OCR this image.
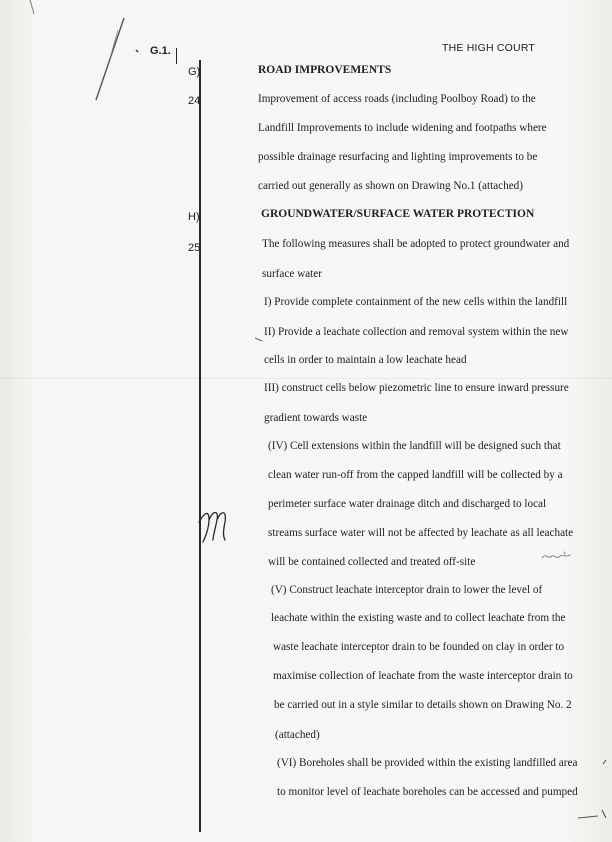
THE HIGH COURT
G.1.
G)
24
H)
25
ROAD IMPROVEMENTS
Improvement of access roads (including Poolboy Road) to the
Landfill Improvements to include widening and footpaths where
possible drainage resurfacing and lighting improvements to be
carried out generally as shown on Drawing No.1 (attached)
GROUNDWATER/SURFACE WATER PROTECTION
The following measures shall be adopted to protect groundwater and
surface water
I) Provide complete containment of the new cells within the landfill
II) Provide a leachate collection and removal system within the new
cells in order to maintain a low leachate head
III) construct cells below piezometric line to ensure inward pressure
gradient towards waste
(IV) Cell extensions within the landfill will be designed such that
clean water run-off from the capped landfill will be collected by a
perimeter surface water drainage ditch and discharged to local
streams surface water will not be affected by leachate as all leachate
will be contained collected and treated off-site
(V) Construct leachate interceptor drain to lower the level of
leachate within the existing waste and to collect leachate from the
waste leachate interceptor drain to be founded on clay in order to
maximise collection of leachate from the waste interceptor drain to
be carried out in a style similar to details shown on Drawing No. 2
(attached)
(VI) Boreholes shall be provided within the existing landfilled area
to monitor level of leachate boreholes can be accessed and pumped
